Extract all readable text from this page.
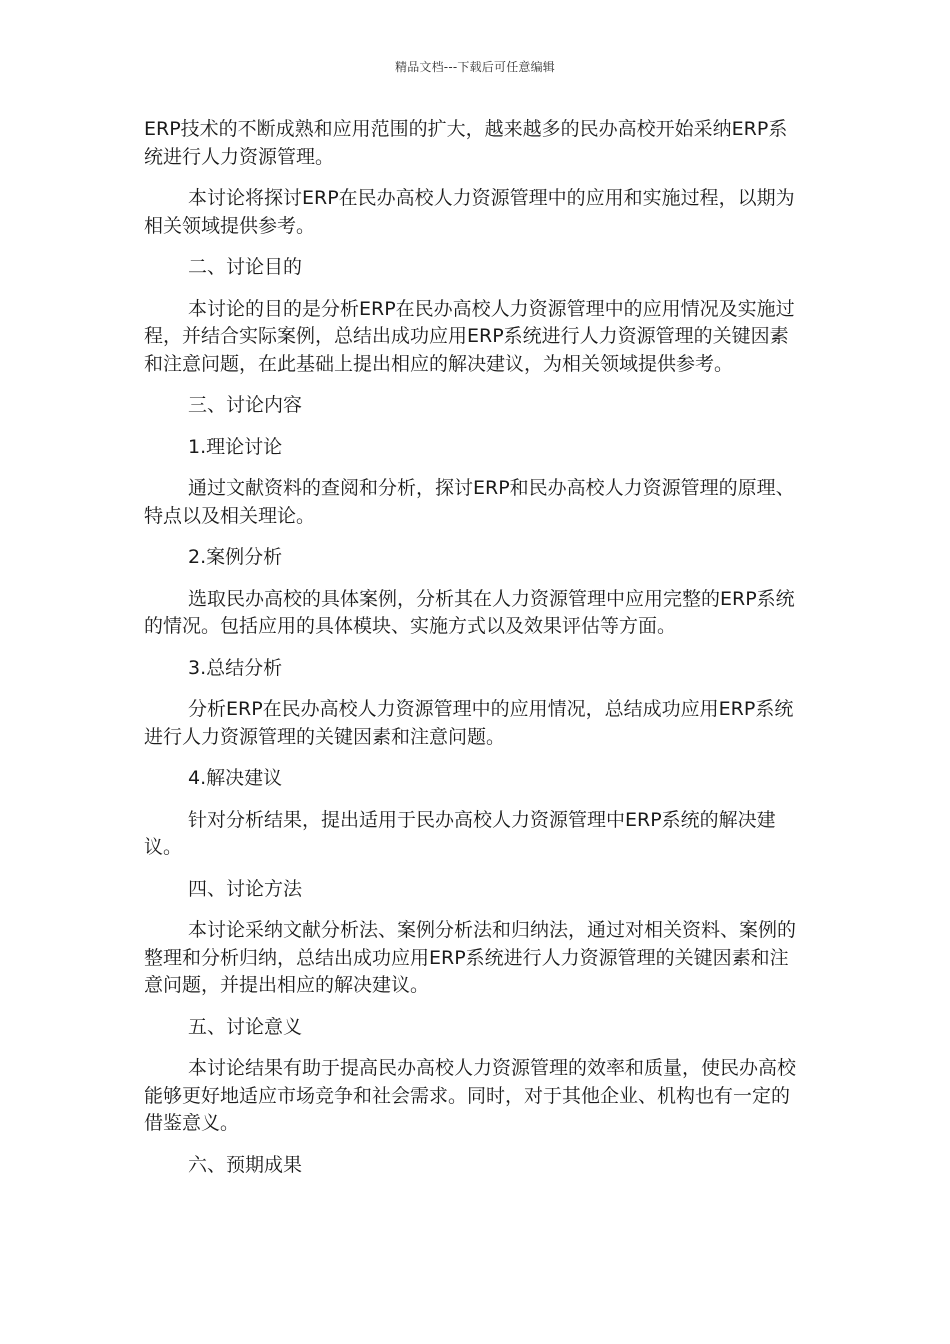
精品文档---下载后可任意编辑

ERP技术的不断成熟和应用范围的扩大，越来越多的民办高校开始采纳ERP系统进行人力资源管理。

本讨论将探讨ERP在民办高校人力资源管理中的应用和实施过程，以期为相关领域提供参考。

二、讨论目的

本讨论的目的是分析ERP在民办高校人力资源管理中的应用情况及实施过程，并结合实际案例，总结出成功应用ERP系统进行人力资源管理的关键因素和注意问题，在此基础上提出相应的解决建议，为相关领域提供参考。

三、讨论内容

1.理论讨论

通过文献资料的查阅和分析，探讨ERP和民办高校人力资源管理的原理、特点以及相关理论。

2.案例分析

选取民办高校的具体案例，分析其在人力资源管理中应用完整的ERP系统的情况。包括应用的具体模块、实施方式以及效果评估等方面。

3.总结分析

分析ERP在民办高校人力资源管理中的应用情况，总结成功应用ERP系统进行人力资源管理的关键因素和注意问题。

4.解决建议

针对分析结果，提出适用于民办高校人力资源管理中ERP系统的解决建议。

四、讨论方法

本讨论采纳文献分析法、案例分析法和归纳法，通过对相关资料、案例的整理和分析归纳，总结出成功应用ERP系统进行人力资源管理的关键因素和注意问题，并提出相应的解决建议。

五、讨论意义

本讨论结果有助于提高民办高校人力资源管理的效率和质量，使民办高校能够更好地适应市场竞争和社会需求。同时，对于其他企业、机构也有一定的借鉴意义。

六、预期成果
